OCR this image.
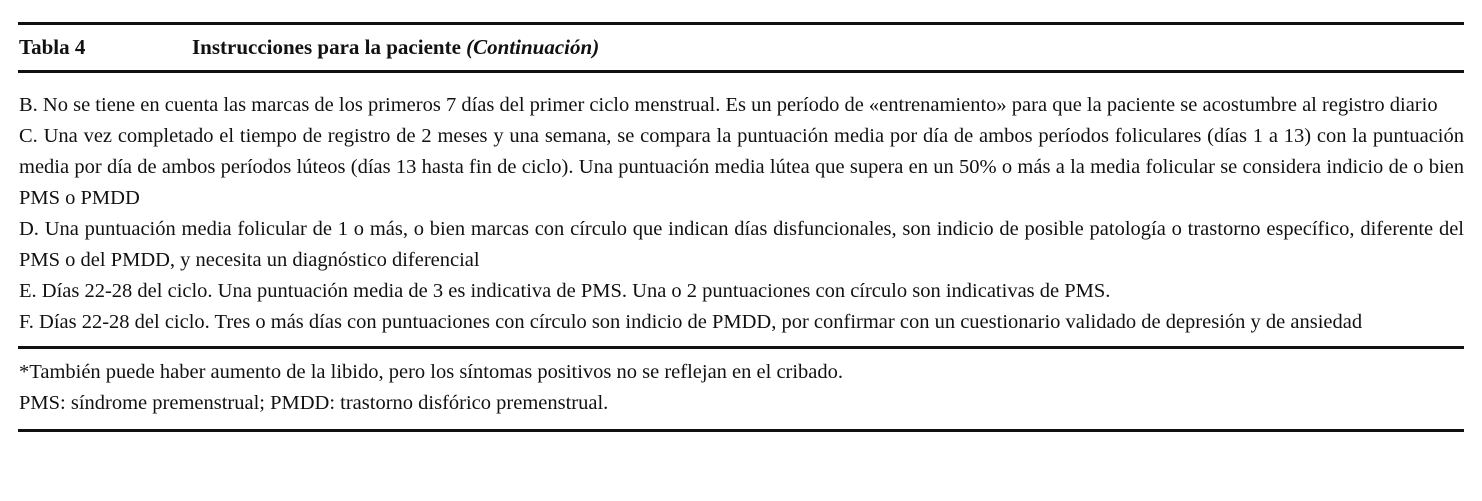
Tabla 4	Instrucciones para la paciente (Continuación)

B. No se tiene en cuenta las marcas de los primeros 7 días del primer ciclo menstrual. Es un período de «entrenamiento» para que la paciente se acostumbre al registro diario

C. Una vez completado el tiempo de registro de 2 meses y una semana, se compara la puntuación media por día de ambos períodos foliculares (días 1 a 13) con la puntuación media por día de ambos períodos lúteos (días 13 hasta fin de ciclo). Una puntuación media lútea que supera en un 50% o más a la media folicular se considera indicio de o bien PMS o PMDD

D. Una puntuación media folicular de 1 o más, o bien marcas con círculo que indican días disfuncionales, son indicio de posible patología o trastorno específico, diferente del PMS o del PMDD, y necesita un diagnóstico diferencial

E. Días 22-28 del ciclo. Una puntuación media de 3 es indicativa de PMS. Una o 2 puntuaciones con círculo son indicativas de PMS.

F. Días 22-28 del ciclo. Tres o más días con puntuaciones con círculo son indicio de PMDD, por confirmar con un cuestionario validado de depresión y de ansiedad

*También puede haber aumento de la libido, pero los síntomas positivos no se reflejan en el cribado.

PMS: síndrome premenstrual; PMDD: trastorno disfórico premenstrual.
